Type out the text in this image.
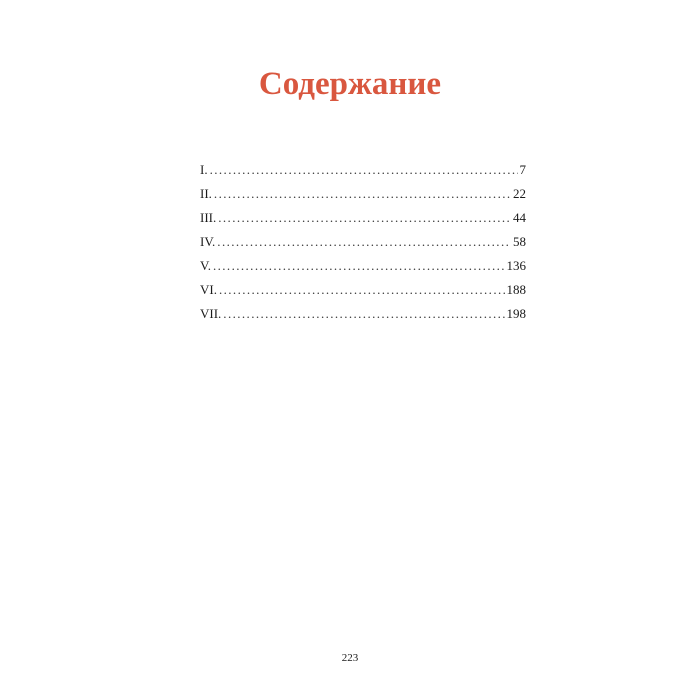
Содержание
I. .....	7
II. .....	22
III. .....	44
IV. .....	58
V. .....	136
VI. .....	188
VII. .....	198
223
